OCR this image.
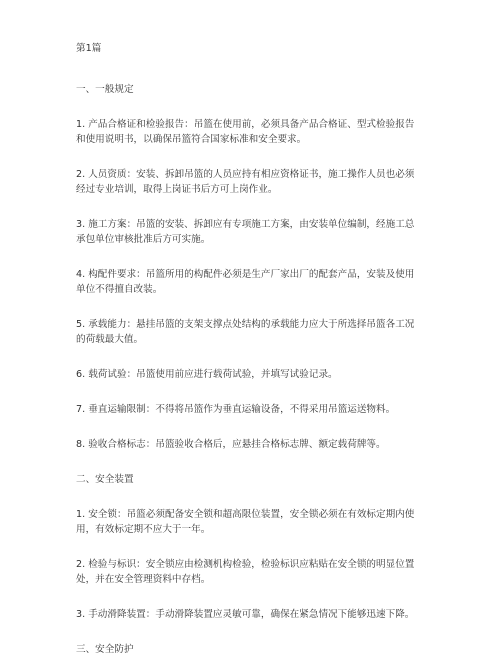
第1篇
一、一般规定
1. 产品合格证和检验报告：吊篮在使用前，必须具备产品合格证、型式检验报告
和使用说明书，以确保吊篮符合国家标准和安全要求。
2. 人员资质：安装、拆卸吊篮的人员应持有相应资格证书，施工操作人员也必须
经过专业培训，取得上岗证书后方可上岗作业。
3. 施工方案：吊篮的安装、拆卸应有专项施工方案，由安装单位编制，经施工总
承包单位审核批准后方可实施。
4. 构配件要求：吊篮所用的构配件必须是生产厂家出厂的配套产品，安装及使用
单位不得擅自改装。
5. 承载能力：悬挂吊篮的支架支撑点处结构的承载能力应大于所选择吊篮各工况
的荷载最大值。
6. 载荷试验：吊篮使用前应进行载荷试验，并填写试验记录。
7. 垂直运输限制：不得将吊篮作为垂直运输设备，不得采用吊篮运送物料。
8. 验收合格标志：吊篮验收合格后，应悬挂合格标志牌、额定载荷牌等。
二、安全装置
1. 安全锁：吊篮必须配备安全锁和超高限位装置，安全锁必须在有效标定期内使
用，有效标定期不应大于一年。
2. 检验与标识：安全锁应由检测机构检验，检验标识应粘贴在安全锁的明显位置
处，并在安全管理资料中存档。
3. 手动滑降装置：手动滑降装置应灵敏可靠，确保在紧急情况下能够迅速下降。
三、安全防护
